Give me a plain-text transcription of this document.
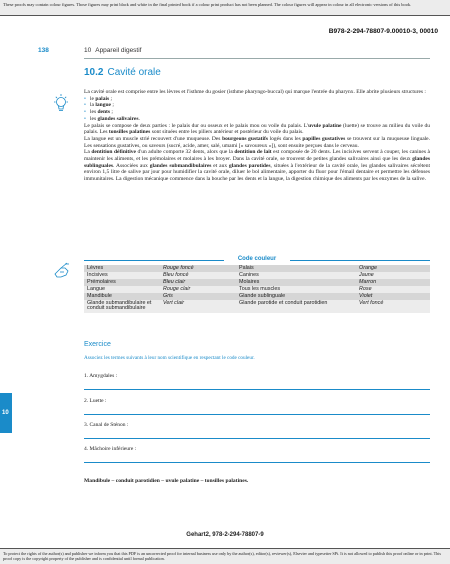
These proofs may contain colour figures. Those figures may print black and white in the final printed book if a colour print product has not been planned. The colour figures will appear in colour in all electronic versions of this book.
B978-2-294-78807-9.00010-3, 00010
138	10 Appareil digestif
10.2 Cavité orale

La cavité orale est comprise entre les lèvres et l'isthme du gosier (isthme pharyngo-buccal) qui marque l'entrée du pharynx. Elle abrite plusieurs structures :

• le palais ;
• la langue ;
• les dents ;
• les glandes salivaires.

Le palais se compose de deux parties : le palais dur ou osseux et le palais mou ou voile du palais. L'uvule palatine (luette) se trouve au milieu du voile du palais. Les tonsilles palatines sont situées entre les piliers antérieur et postérieur du voile du palais.

La langue est un muscle strié recouvert d'une muqueuse. Des bourgeons gustatifs logés dans les papilles gustatives se trouvent sur la muqueuse linguale. Les sensations gustatives, ou saveurs (sucré, acide, amer, salé, umami [« savoureux »]), sont ensuite perçues dans le cerveau.

La dentition définitive d'un adulte comporte 32 dents, alors que la dentition de lait est composée de 20 dents. Les incisives servent à couper, les canines à maintenir les aliments, et les prémolaires et molaires à les broyer. Dans la cavité orale, se trouvent de petites glandes salivaires ainsi que les deux glandes sublinguales. Associées aux glandes submandibulaires et aux glandes parotides, situées à l'extérieur de la cavité orale, les glandes salivaires sécrètent environ 1,5 litre de salive par jour pour humidifier la cavité orale, diluer le bol alimentaire, apporter du fluor pour l'émail dentaire et permettre les défenses immunitaires. La digestion mécanique commence dans la bouche par les dents et la langue, la digestion chimique des aliments par les enzymes de la salive.

Code couleur
Lèvres	Rouge foncé	Palais	Orange
Incisives	Bleu foncé	Canines	Jaune
Prémolaires	Bleu clair	Molaires	Marron
Langue	Rouge clair	Tous les muscles	Rose
Mandibule	Gris	Glande sublinguale	Violet
Glande submandibulaire et conduit submandibulaire	Vert clair	Glande parotide et conduit parotidien	Vert foncé
Exercice
Associez les termes suivants à leur nom scientifique en respectant le code couleur.
1. Amygdales :
2. Luette :
3. Canal de Sténon :
4. Mâchoire inférieure :
Mandibule – conduit parotidien – uvule palatine – tonsilles palatines.
10
Gehart2, 978-2-294-78807-9
To protect the rights of the author(s) and publisher we inform you that this PDF is an uncorrected proof for internal business use only by the author(s), editor(s), reviewer(s), Elsevier and typesetter SPi. It is not allowed to publish this proof online or in print. This proof copy is the copyright property of the publisher and is confidential until formal publication.
